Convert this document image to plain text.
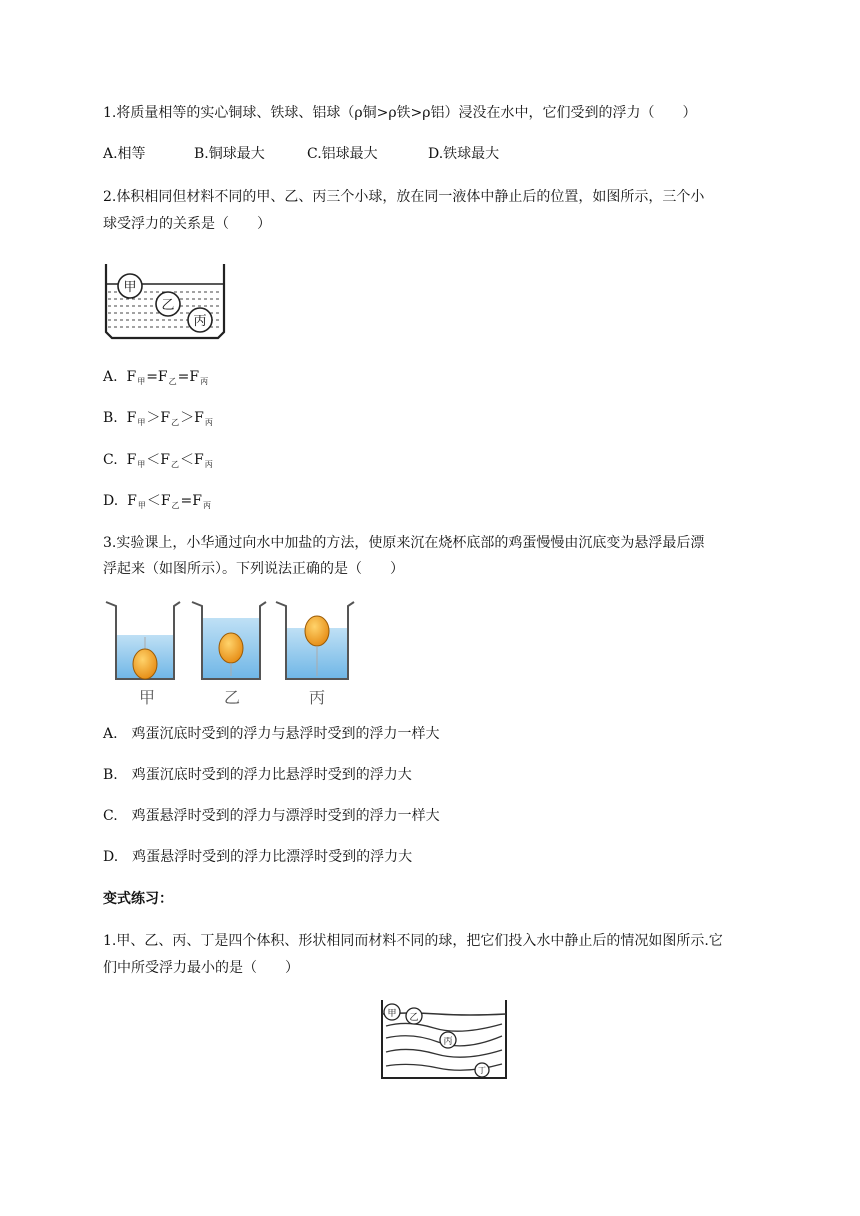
1.将质量相等的实心铜球、铁球、铝球（ρ铜>ρ铁>ρ铝）浸没在水中，它们受到的浮力（　　）
A.相等	B.铜球最大	C.铝球最大	D.铁球最大
2.体积相同但材料不同的甲、乙、丙三个小球，放在同一液体中静止后的位置，如图所示，三个小
球受浮力的关系是（　　）
甲
乙
丙
A. $F_甲=F_乙=F_丙$
B. $F_甲>F_乙>F_丙$
C. $F_甲<F_乙<F_丙$
D. $F_甲<F_乙=F_丙$
3.实验课上，小华通过向水中加盐的方法，使原来沉在烧杯底部的鸡蛋慢慢由沉底变为悬浮最后漂
浮起来（如图所示）。下列说法正确的是（　　）
甲	乙	丙
A.　鸡蛋沉底时受到的浮力与悬浮时受到的浮力一样大
B.　鸡蛋沉底时受到的浮力比悬浮时受到的浮力大
C.　鸡蛋悬浮时受到的浮力与漂浮时受到的浮力一样大
D.　鸡蛋悬浮时受到的浮力比漂浮时受到的浮力大
变式练习：
1.甲、乙、丙、丁是四个体积、形状相同而材料不同的球，把它们投入水中静止后的情况如图所示.它
们中所受浮力最小的是（　　）
甲 乙
丙
丁
